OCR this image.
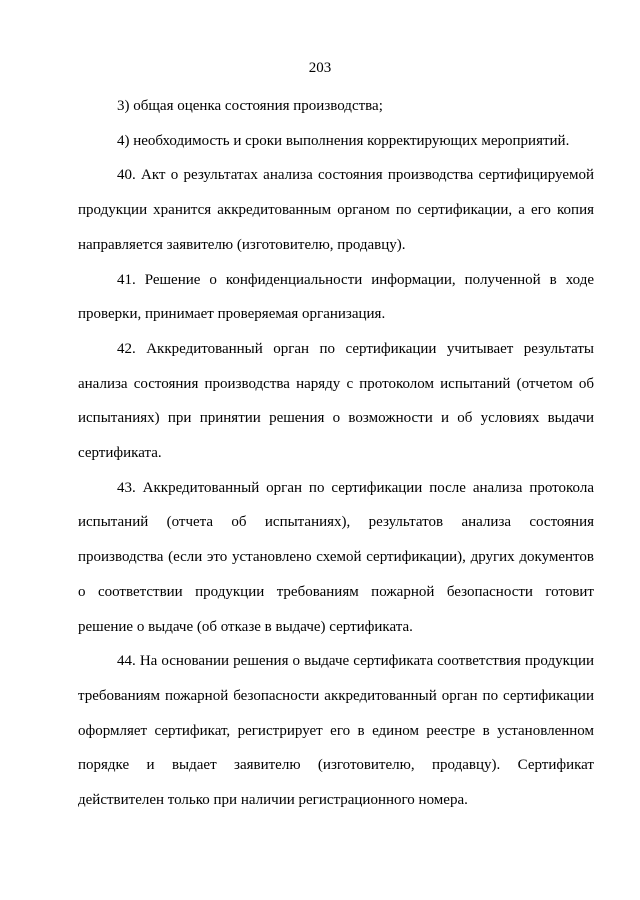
203

3) общая оценка состояния производства;

4) необходимость и сроки выполнения корректирующих мероприятий.

40. Акт о результатах анализа состояния производства сертифицируемой продукции хранится аккредитованным органом по сертификации, а его копия направляется заявителю (изготовителю, продавцу).

41. Решение о конфиденциальности информации, полученной в ходе проверки, принимает проверяемая организация.

42. Аккредитованный орган по сертификации учитывает результаты анализа состояния производства наряду с протоколом испытаний (отчетом об испытаниях) при принятии решения о возможности и об условиях выдачи сертификата.

43. Аккредитованный орган по сертификации после анализа протокола испытаний (отчета об испытаниях), результатов анализа состояния производства (если это установлено схемой сертификации), других документов о соответствии продукции требованиям пожарной безопасности готовит решение о выдаче (об отказе в выдаче) сертификата.

44. На основании решения о выдаче сертификата соответствия продукции требованиям пожарной безопасности аккредитованный орган по сертификации оформляет сертификат, регистрирует его в едином реестре в установленном порядке и выдает заявителю (изготовителю, продавцу). Сертификат действителен только при наличии регистрационного номера.
